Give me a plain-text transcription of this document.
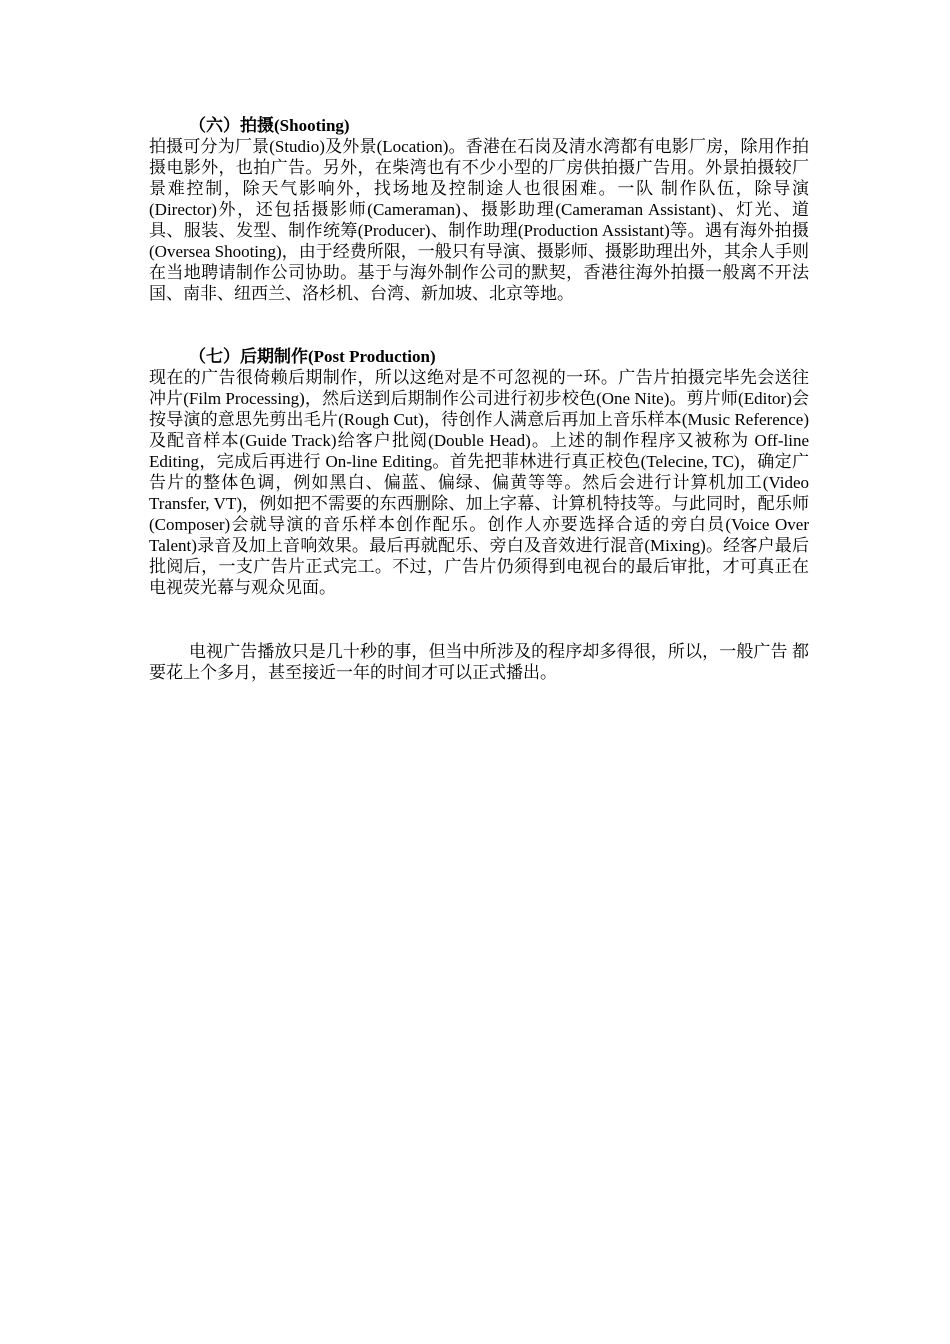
（六）拍摄(Shooting)

拍摄可分为厂景(Studio)及外景(Location)。香港在石岗及清水湾都有电影厂房，除用作拍摄电影外，也拍广告。另外，在柴湾也有不少小型的厂房供拍摄广告用。外景拍摄较厂景难控制，除天气影响外，找场地及控制途人也很困难。一队 制作队伍，除导演(Director)外，还包括摄影师(Cameraman)、摄影助理(Cameraman Assistant)、灯光、道具、服装、发型、制作统筹(Producer)、制作助理(Production Assistant)等。遇有海外拍摄(Oversea Shooting)，由于经费所限，一般只有导演、摄影师、摄影助理出外，其余人手则在当地聘请制作公司协助。基于与海外制作公司的默契，香港往海外拍摄一般离不开法国、南非、纽西兰、洛杉机、台湾、新加坡、北京等地。

（七）后期制作(Post Production)

现在的广告很倚赖后期制作，所以这绝对是不可忽视的一环。广告片拍摄完毕先会送往冲片(Film Processing)，然后送到后期制作公司进行初步校色(One Nite)。剪片师(Editor)会按导演的意思先剪出毛片(Rough Cut)，待创作人满意后再加上音乐样本(Music Reference)及配音样本(Guide Track)给客户批阅(Double Head)。上述的制作程序又被称为 Off-line Editing，完成后再进行 On-line Editing。首先把菲林进行真正校色(Telecine, TC)，确定广告片的整体色调，例如黑白、偏蓝、偏绿、偏黄等等。然后会进行计算机加工(Video Transfer, VT)，例如把不需要的东西删除、加上字幕、计算机特技等。与此同时，配乐师(Composer)会就导演的音乐样本创作配乐。创作人亦要选择合适的旁白员(Voice Over Talent)录音及加上音响效果。最后再就配乐、旁白及音效进行混音(Mixing)。经客户最后批阅后，一支广告片正式完工。不过，广告片仍须得到电视台的最后审批，才可真正在电视荧光幕与观众见面。

电视广告播放只是几十秒的事，但当中所涉及的程序却多得很，所以，一般广告 都要花上个多月，甚至接近一年的时间才可以正式播出。
